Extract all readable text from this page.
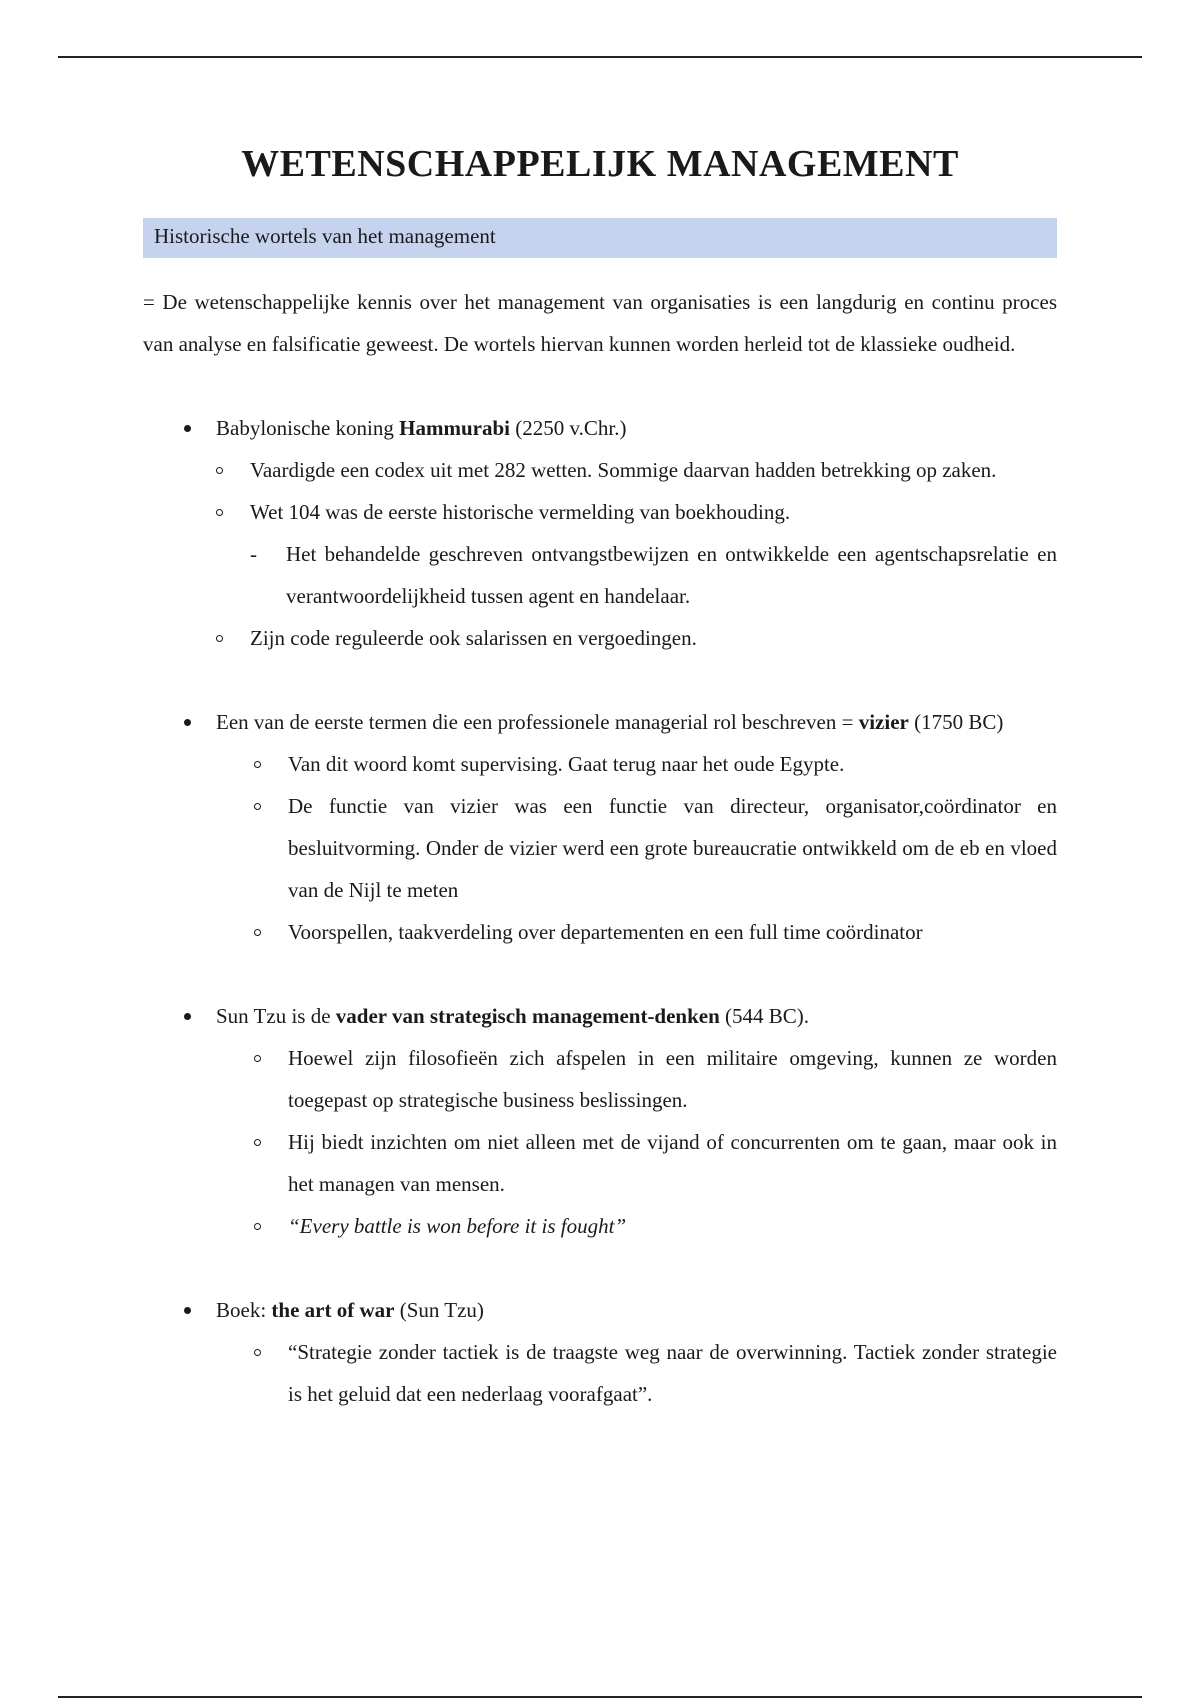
WETENSCHAPPELIJK MANAGEMENT
Historische wortels van het management

= De wetenschappelijke kennis over het management van organisaties is een langdurig en continu proces van analyse en falsificatie geweest. De wortels hiervan kunnen worden herleid tot de klassieke oudheid.

Babylonische koning Hammurabi (2250 v.Chr.)
Vaardigde een codex uit met 282 wetten. Sommige daarvan hadden betrekking op zaken.
Wet 104 was de eerste historische vermelding van boekhouding.
- Het behandelde geschreven ontvangstbewijzen en ontwikkelde een agentschapsrelatie en verantwoordelijkheid tussen agent en handelaar.
Zijn code reguleerde ook salarissen en vergoedingen.
Een van de eerste termen die een professionele managerial rol beschreven = vizier (1750 BC)
Van dit woord komt supervising. Gaat terug naar het oude Egypte.
De functie van vizier was een functie van directeur, organisator,coördinator en besluitvorming. Onder de vizier werd een grote bureaucratie ontwikkeld om de eb en vloed van de Nijl te meten
Voorspellen, taakverdeling over departementen en een full time coördinator
Sun Tzu is de vader van strategisch management-denken (544 BC).
Hoewel zijn filosofieën zich afspelen in een militaire omgeving, kunnen ze worden toegepast op strategische business beslissingen.
Hij biedt inzichten om niet alleen met de vijand of concurrenten om te gaan, maar ook in het managen van mensen.
“Every battle is won before it is fought”
Boek: the art of war (Sun Tzu)
“Strategie zonder tactiek is de traagste weg naar de overwinning. Tactiek zonder strategie is het geluid dat een nederlaag voorafgaat”.
